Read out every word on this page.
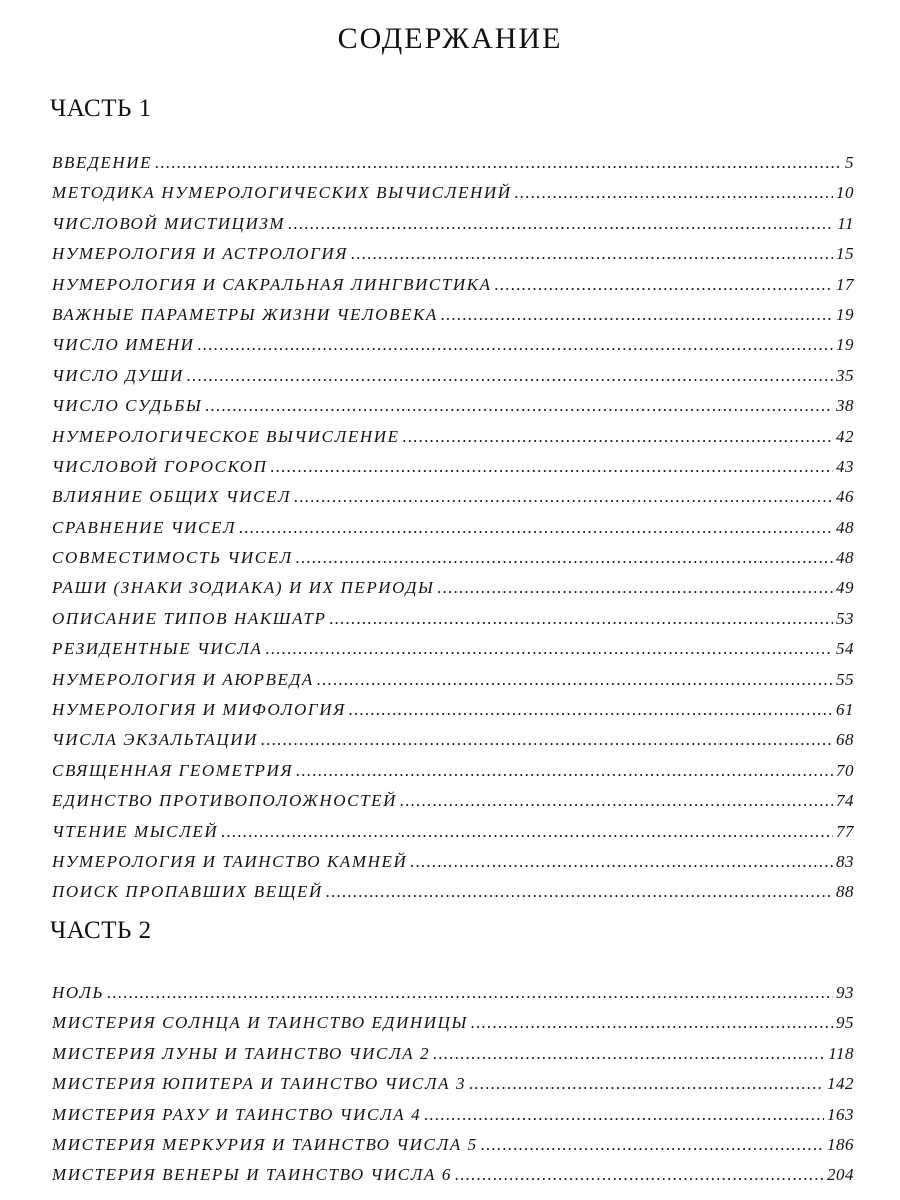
СОДЕРЖАНИЕ
ЧАСТЬ 1
ВВЕДЕНИЕ .....	5
МЕТОДИКА НУМЕРОЛОГИЧЕСКИХ ВЫЧИСЛЕНИЙ .....	10
ЧИСЛОВОЙ МИСТИЦИЗМ .....	11
НУМЕРОЛОГИЯ И АСТРОЛОГИЯ .....	15
НУМЕРОЛОГИЯ И САКРАЛЬНАЯ ЛИНГВИСТИКА .....	17
ВАЖНЫЕ ПАРАМЕТРЫ ЖИЗНИ ЧЕЛОВЕКА .....	19
ЧИСЛО ИМЕНИ .....	19
ЧИСЛО ДУШИ .....	35
ЧИСЛО СУДЬБЫ .....	38
НУМЕРОЛОГИЧЕСКОЕ ВЫЧИСЛЕНИЕ .....	42
ЧИСЛОВОЙ ГОРОСКОП .....	43
ВЛИЯНИЕ ОБЩИХ ЧИСЕЛ .....	46
СРАВНЕНИЕ ЧИСЕЛ .....	48
СОВМЕСТИМОСТЬ ЧИСЕЛ .....	48
РАШИ (ЗНАКИ ЗОДИАКА) И ИХ ПЕРИОДЫ .....	49
ОПИСАНИЕ ТИПОВ НАКШАТР .....	53
РЕЗИДЕНТНЫЕ ЧИСЛА .....	54
НУМЕРОЛОГИЯ И АЮРВЕДА .....	55
НУМЕРОЛОГИЯ И МИФОЛОГИЯ .....	61
ЧИСЛА ЭКЗАЛЬТАЦИИ .....	68
СВЯЩЕННАЯ ГЕОМЕТРИЯ .....	70
ЕДИНСТВО ПРОТИВОПОЛОЖНОСТЕЙ .....	74
ЧТЕНИЕ МЫСЛЕЙ .....	77
НУМЕРОЛОГИЯ И ТАИНСТВО КАМНЕЙ .....	83
ПОИСК ПРОПАВШИХ ВЕЩЕЙ .....	88
ЧАСТЬ 2
НОЛЬ .....	93
МИСТЕРИЯ СОЛНЦА И ТАИНСТВО ЕДИНИЦЫ .....	95
МИСТЕРИЯ ЛУНЫ И ТАИНСТВО ЧИСЛА 2 .....	118
МИСТЕРИЯ ЮПИТЕРА И ТАИНСТВО ЧИСЛА 3 .....	142
МИСТЕРИЯ РАХУ И ТАИНСТВО ЧИСЛА 4 .....	163
МИСТЕРИЯ МЕРКУРИЯ И ТАИНСТВО ЧИСЛА 5 .....	186
МИСТЕРИЯ ВЕНЕРЫ И ТАИНСТВО ЧИСЛА 6 .....	204
